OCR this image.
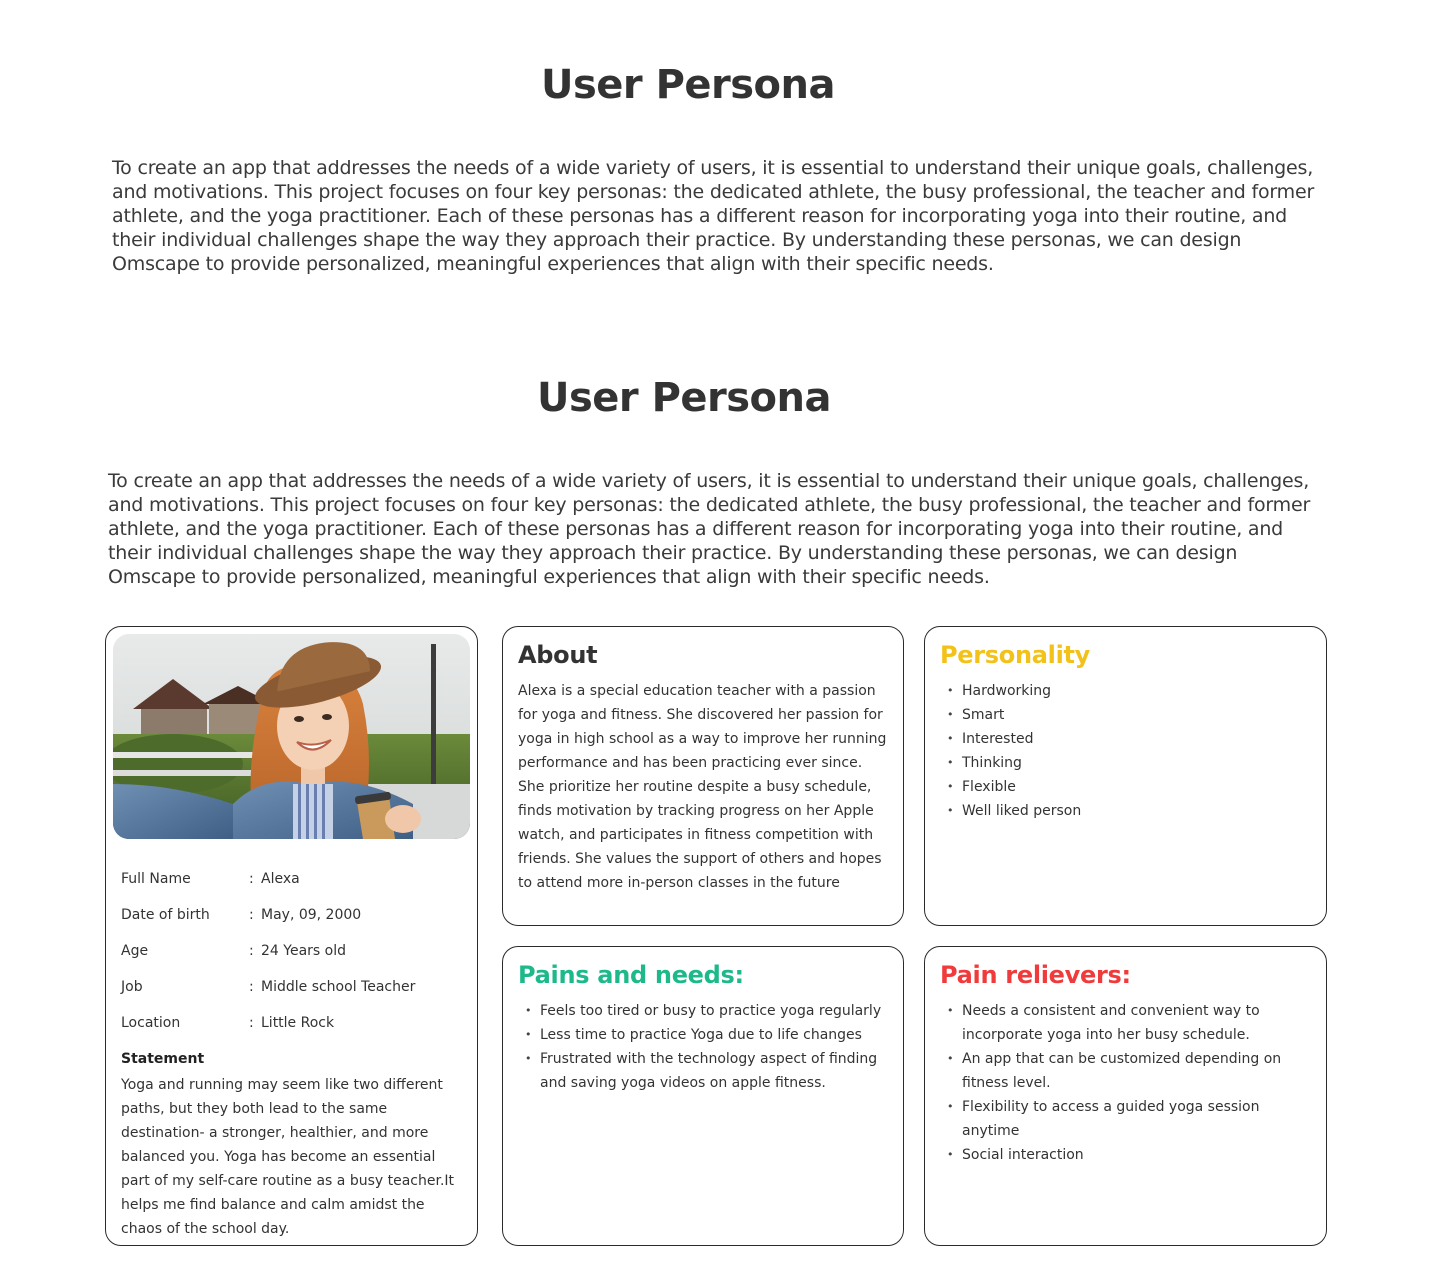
User Persona

To create an app that addresses the needs of a wide variety of users, it is essential to understand their unique goals, challenges, and motivations. This project focuses on four key personas: the dedicated athlete, the busy professional, the teacher and former athlete, and the yoga practitioner. Each of these personas has a different reason for incorporating yoga into their routine, and their individual challenges shape the way they approach their practice. By understanding these personas, we can design Omscape to provide personalized, meaningful experiences that align with their specific needs.

User Persona

To create an app that addresses the needs of a wide variety of users, it is essential to understand their unique goals, challenges, and motivations. This project focuses on four key personas: the dedicated athlete, the busy professional, the teacher and former athlete, and the yoga practitioner. Each of these personas has a different reason for incorporating yoga into their routine, and their individual challenges shape the way they approach their practice. By understanding these personas, we can design Omscape to provide personalized, meaningful experiences that align with their specific needs.

Full Name	: Alexa
Date of birth	: May, 09, 2000
Age	: 24 Years old
Job	: Middle school Teacher
Location	: Little Rock
Statement

Yoga and running may seem like two different paths, but they both lead to the same destination- a stronger, healthier, and more balanced you. Yoga has become an essential part of my self-care routine as a busy teacher.It helps me find balance and calm amidst the chaos of the school day.

About

Alexa is a special education teacher with a passion for yoga and fitness. She discovered her passion for yoga in high school as a way to improve her running performance and has been practicing ever since. She prioritize her routine despite a busy schedule, finds motivation by tracking progress on her Apple watch, and participates in fitness competition with friends. She values the support of others and hopes to attend more in-person classes in the future

Personality
• Hardworking
• Smart
• Interested
• Thinking
• Flexible
• Well liked person
Pains and needs:
• Feels too tired or busy to practice yoga regularly
• Less time to practice Yoga due to life changes
• Frustrated with the technology aspect of finding and saving yoga videos on apple fitness.
Pain relievers:
• Needs a consistent and convenient way to incorporate yoga into her busy schedule.
• An app that can be customized depending on fitness level.
• Flexibility to access a guided yoga session anytime
• Social interaction
